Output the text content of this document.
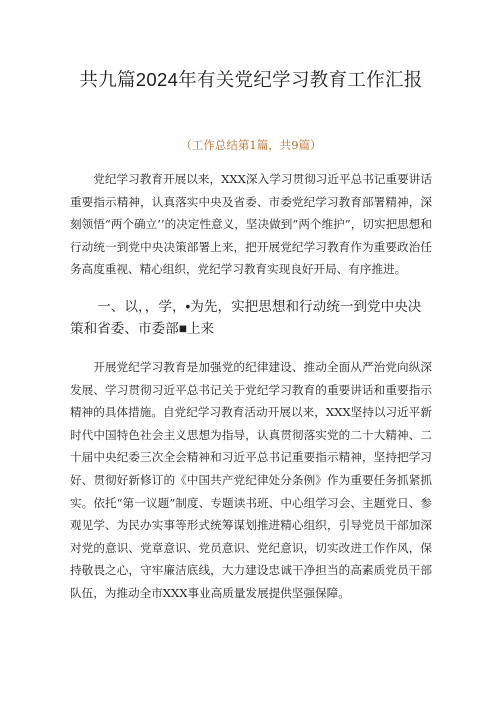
共九篇2024年有关党纪学习教育工作汇报
（工作总结第1篇，共9篇）

党纪学习教育开展以来，XXX深入学习贯彻习近平总书记重要讲话重要指示精神，认真落实中央及省委、市委党纪学习教育部署精神，深刻领悟“两个确立’’的决定性意义，坚决做到“两个维护”，切实把思想和行动统一到党中央决策部署上来，把开展党纪学习教育作为重要政治任务高度重视、精心组织，党纪学习教育实现良好开局、有序推进。

一、以，，学，•为先，实把思想和行动统一到党中央决策和省委、市委部■上来

开展党纪学习教育是加强党的纪律建设、推动全面从严治党向纵深发展、学习贯彻习近平总书记关于党纪学习教育的重要讲话和重要指示精神的具体措施。自党纪学习教育活动开展以来，XXX坚持以习近平新时代中国特色社会主义思想为指导，认真贯彻落实党的二十大精神、二十届中央纪委三次全会精神和习近平总书记重要指示精神，坚持把学习好、贯彻好新修订的《中国共产党纪律处分条例》作为重要任务抓紧抓实。依托“第一议题”制度、专题读书班、中心组学习会、主题党日、参观见学、为民办实事等形式统筹谋划推进精心组织，引导党员干部加深对党的意识、党章意识、党员意识、党纪意识，切实改进工作作风，保持敬畏之心，守牢廉洁底线，大力建设忠诚干净担当的高素质党员干部队伍，为推动全市XXX事业高质量发展提供坚强保障。
